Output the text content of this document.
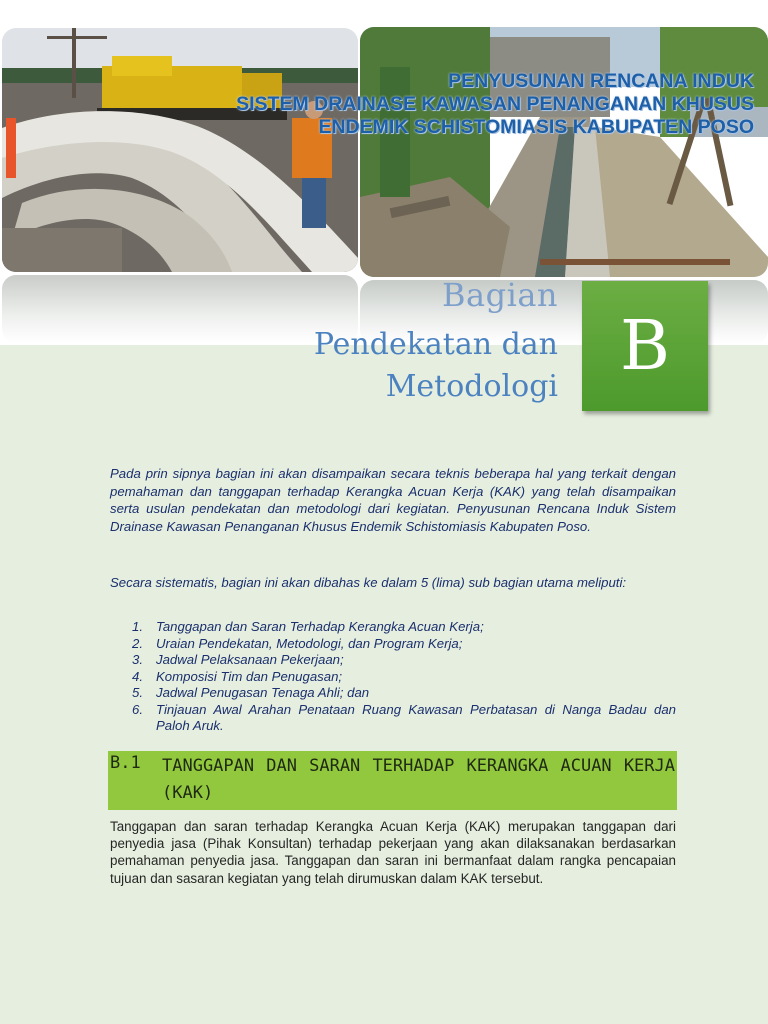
PENYUSUNAN RENCANA INDUK
SISTEM DRAINASE KAWASAN PENANGANAN KHUSUS
ENDEMIK SCHISTOMIASIS KABUPATEN POSO
Bagian
Pendekatan dan
Metodologi
B

Pada prin sipnya bagian ini akan disampaikan secara teknis beberapa hal yang terkait dengan pemahaman dan tanggapan terhadap Kerangka Acuan Kerja (KAK) yang telah disampaikan serta usulan pendekatan dan metodologi dari kegiatan. Penyusunan Rencana Induk Sistem Drainase Kawasan Penanganan Khusus Endemik Schistomiasis Kabupaten Poso.

Secara sistematis, bagian ini akan dibahas ke dalam 5 (lima) sub bagian utama meliputi:

1. Tanggapan dan Saran Terhadap Kerangka Acuan Kerja;
2. Uraian Pendekatan, Metodologi, dan Program Kerja;
3. Jadwal Pelaksanaan Pekerjaan;
4. Komposisi Tim dan Penugasan;
5. Jadwal Penugasan Tenaga Ahli; dan
6. Tinjauan Awal Arahan Penataan Ruang Kawasan Perbatasan di Nanga Badau dan Paloh Aruk.
B.1 TANGGAPAN DAN SARAN TERHADAP KERANGKA ACUAN KERJA (KAK)

Tanggapan dan saran terhadap Kerangka Acuan Kerja (KAK) merupakan tanggapan dari penyedia jasa (Pihak Konsultan) terhadap pekerjaan yang akan dilaksanakan berdasarkan pemahaman penyedia jasa. Tanggapan dan saran ini bermanfaat dalam rangka pencapaian tujuan dan sasaran kegiatan yang telah dirumuskan dalam KAK tersebut.
